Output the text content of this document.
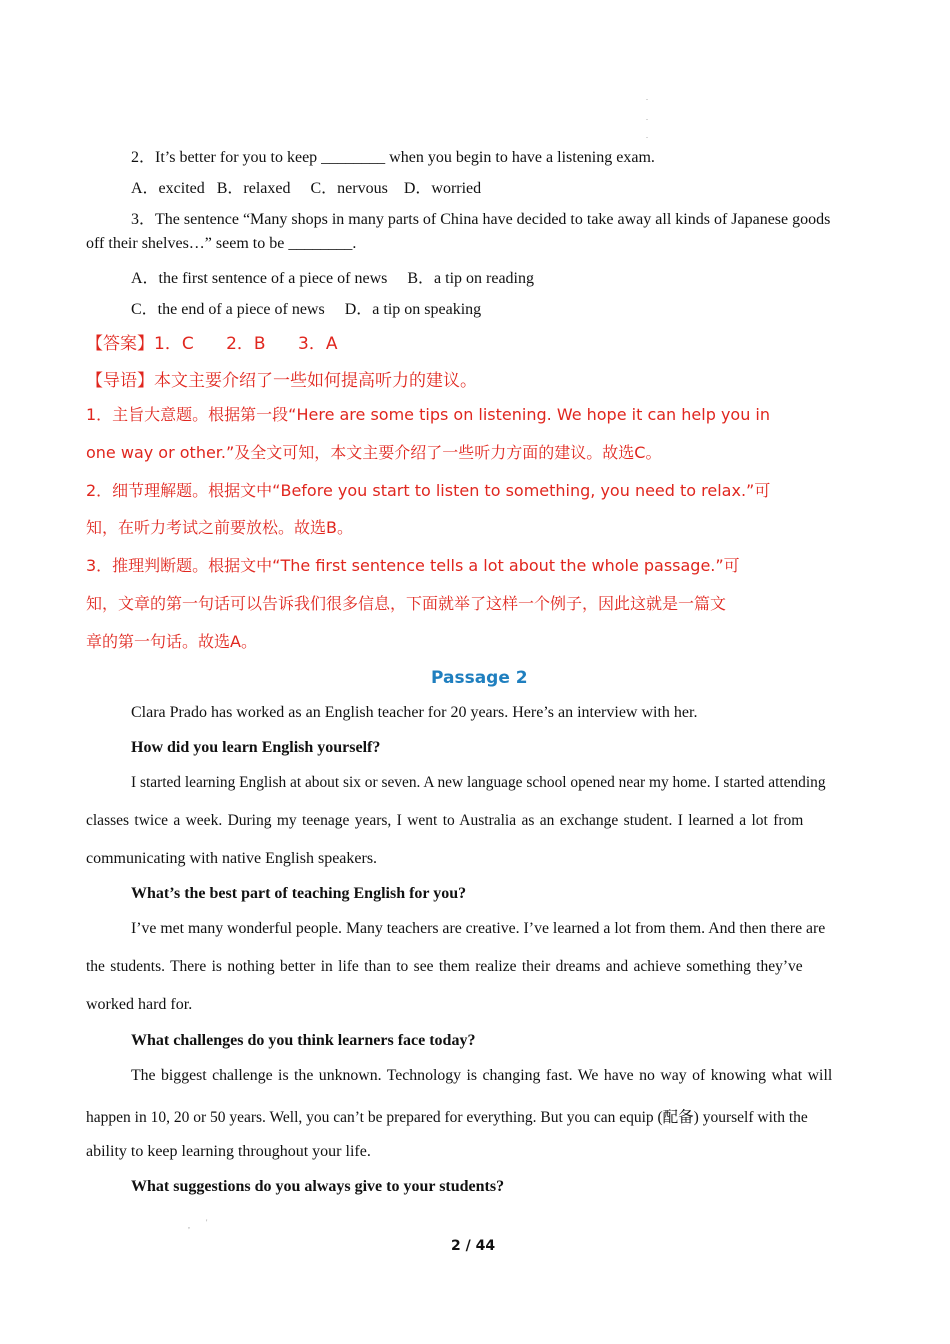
.
.
.
2．It’s better for you to keep ________ when you begin to have a listening exam.
A．excited   B．relaxed     C．nervous    D．worried
3．The sentence “Many shops in many parts of China have decided to take away all kinds of Japanese goods
off their shelves…” seem to be ________.
A．the first sentence of a piece of news     B．a tip on reading
C．the end of a piece of news     D．a tip on speaking
【答案】1．C      2．B      3．A
【导语】本文主要介绍了一些如何提高听力的建议。
1．主旨大意题。根据第一段“Here are some tips on listening. We hope it can help you in
one way or other.”及全文可知，本文主要介绍了一些听力方面的建议。故选C。
2．细节理解题。根据文中“Before you start to listen to something, you need to relax.”可
知，在听力考试之前要放松。故选B。
3．推理判断题。根据文中“The first sentence tells a lot about the whole passage.”可
知，文章的第一句话可以告诉我们很多信息，下面就举了这样一个例子，因此这就是一篇文
章的第一句话。故选A。
Passage 2
Clara Prado has worked as an English teacher for 20 years. Here’s an interview with her.
How did you learn English yourself?
I started learning English at about six or seven. A new language school opened near my home. I started attending
classes twice a week. During my teenage years, I went to Australia as an exchange student. I learned a lot from
communicating with native English speakers.
What’s the best part of teaching English for you?
I’ve met many wonderful people. Many teachers are creative. I’ve learned a lot from them. And then there are
the students. There is nothing better in life than to see them realize their dreams and achieve something they’ve
worked hard for.
What challenges do you think learners face today?
The biggest challenge is the unknown. Technology is changing fast. We have no way of knowing what will
happen in 10, 20 or 50 years. Well, you can’t be prepared for everything. But you can equip (配备) yourself with the
ability to keep learning throughout your life.
What suggestions do you always give to your students?
, '
2 / 44
